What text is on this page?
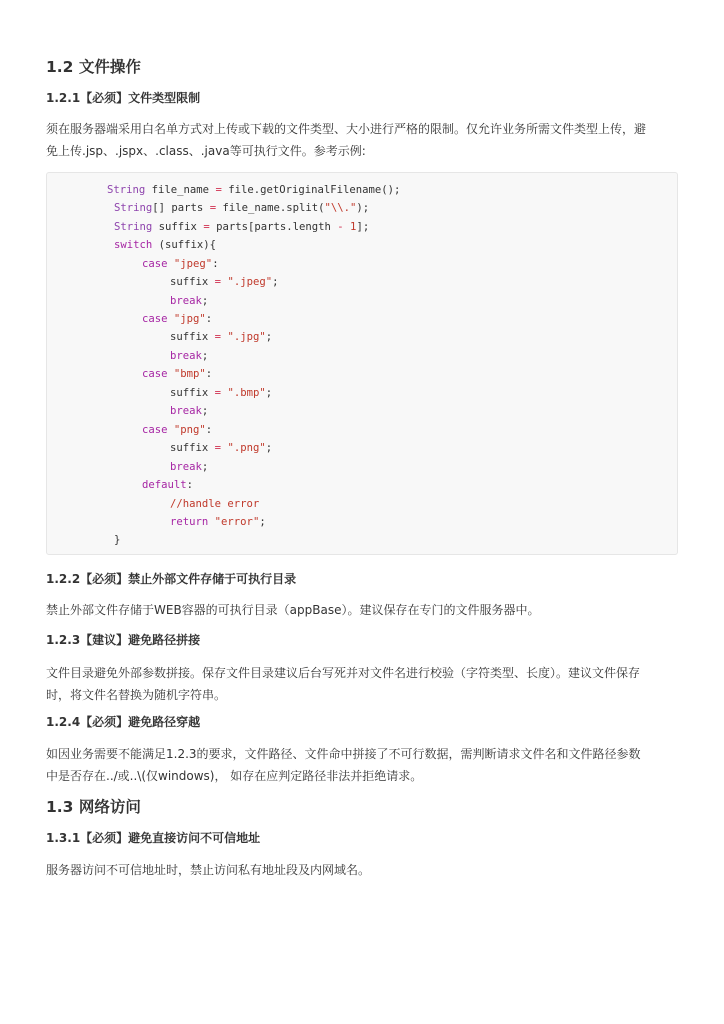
1.2 文件操作
1.2.1【必须】文件类型限制

须在服务器端采用白名单方式对上传或下载的文件类型、大小进行严格的限制。仅允许业务所需文件类型上传，避
免上传.jsp、.jspx、.class、.java等可执行文件。参考示例:

String file_name = file.getOriginalFilename();
String[] parts = file_name.split("\\.");
String suffix = parts[parts.length - 1];
switch (suffix){
case "jpeg":
suffix = ".jpeg";
break;
case "jpg":
suffix = ".jpg";
break;
case "bmp":
suffix = ".bmp";
break;
case "png":
suffix = ".png";
break;
default:
//handle error
return "error";
}
1.2.2【必须】禁止外部文件存储于可执行目录

禁止外部文件存储于WEB容器的可执行目录（appBase）。建议保存在专门的文件服务器中。

1.2.3【建议】避免路径拼接

文件目录避免外部参数拼接。保存文件目录建议后台写死并对文件名进行校验（字符类型、长度）。建议文件保存
时，将文件名替换为随机字符串。

1.2.4【必须】避免路径穿越

如因业务需要不能满足1.2.3的要求，文件路径、文件命中拼接了不可行数据，需判断请求文件名和文件路径参数
中是否存在../或..\(仅windows)， 如存在应判定路径非法并拒绝请求。

1.3 网络访问
1.3.1【必须】避免直接访问不可信地址

服务器访问不可信地址时，禁止访问私有地址段及内网域名。
